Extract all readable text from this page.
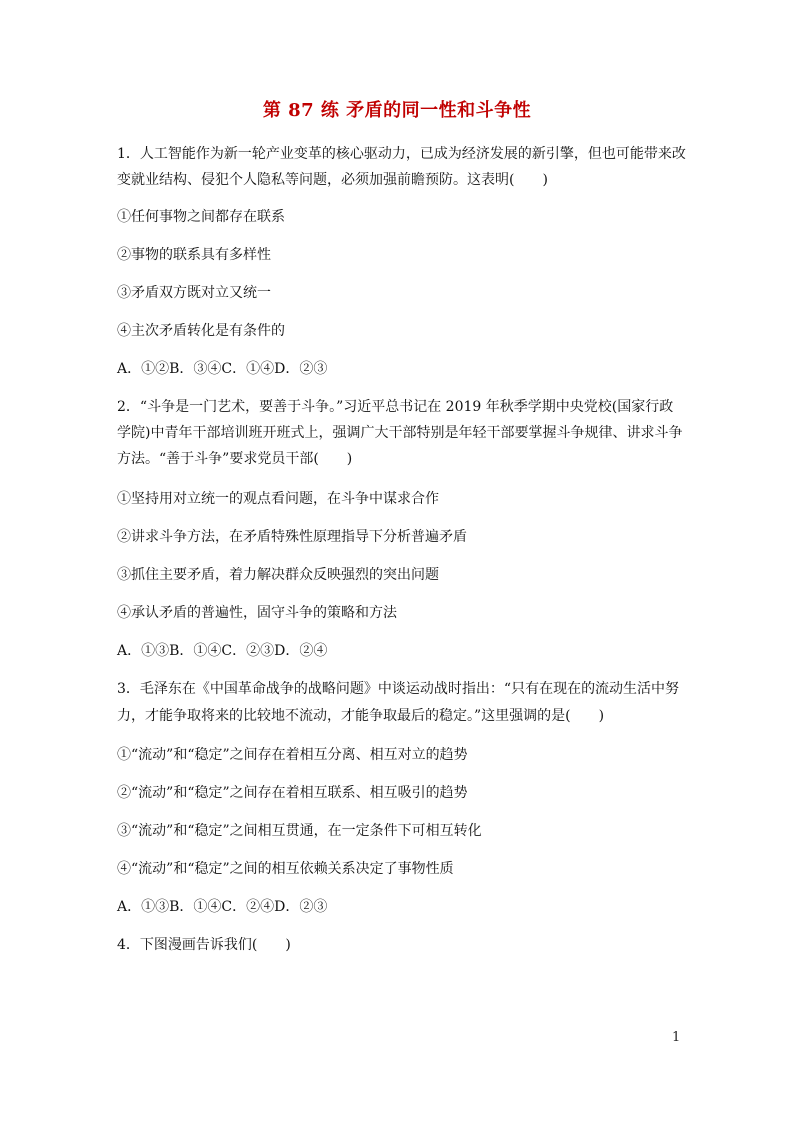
第 87 练 矛盾的同一性和斗争性
1．人工智能作为新一轮产业变革的核心驱动力，已成为经济发展的新引擎，但也可能带来改
变就业结构、侵犯个人隐私等问题，必须加强前瞻预防。这表明(　　)
①任何事物之间都存在联系
②事物的联系具有多样性
③矛盾双方既对立又统一
④主次矛盾转化是有条件的
A．①②B．③④C．①④D．②③
2．“斗争是一门艺术，要善于斗争。”习近平总书记在 2019 年秋季学期中央党校(国家行政
学院)中青年干部培训班开班式上，强调广大干部特别是年轻干部要掌握斗争规律、讲求斗争
方法。“善于斗争”要求党员干部(　　)
①坚持用对立统一的观点看问题，在斗争中谋求合作
②讲求斗争方法，在矛盾特殊性原理指导下分析普遍矛盾
③抓住主要矛盾，着力解决群众反映强烈的突出问题
④承认矛盾的普遍性，固守斗争的策略和方法
A．①③B．①④C．②③D．②④
3．毛泽东在《中国革命战争的战略问题》中谈运动战时指出：“只有在现在的流动生活中努
力，才能争取将来的比较地不流动，才能争取最后的稳定。”这里强调的是(　　)
①“流动”和“稳定”之间存在着相互分离、相互对立的趋势
②“流动”和“稳定”之间存在着相互联系、相互吸引的趋势
③“流动”和“稳定”之间相互贯通，在一定条件下可相互转化
④“流动”和“稳定”之间的相互依赖关系决定了事物性质
A．①③B．①④C．②④D．②③
4．下图漫画告诉我们(　　)
1
